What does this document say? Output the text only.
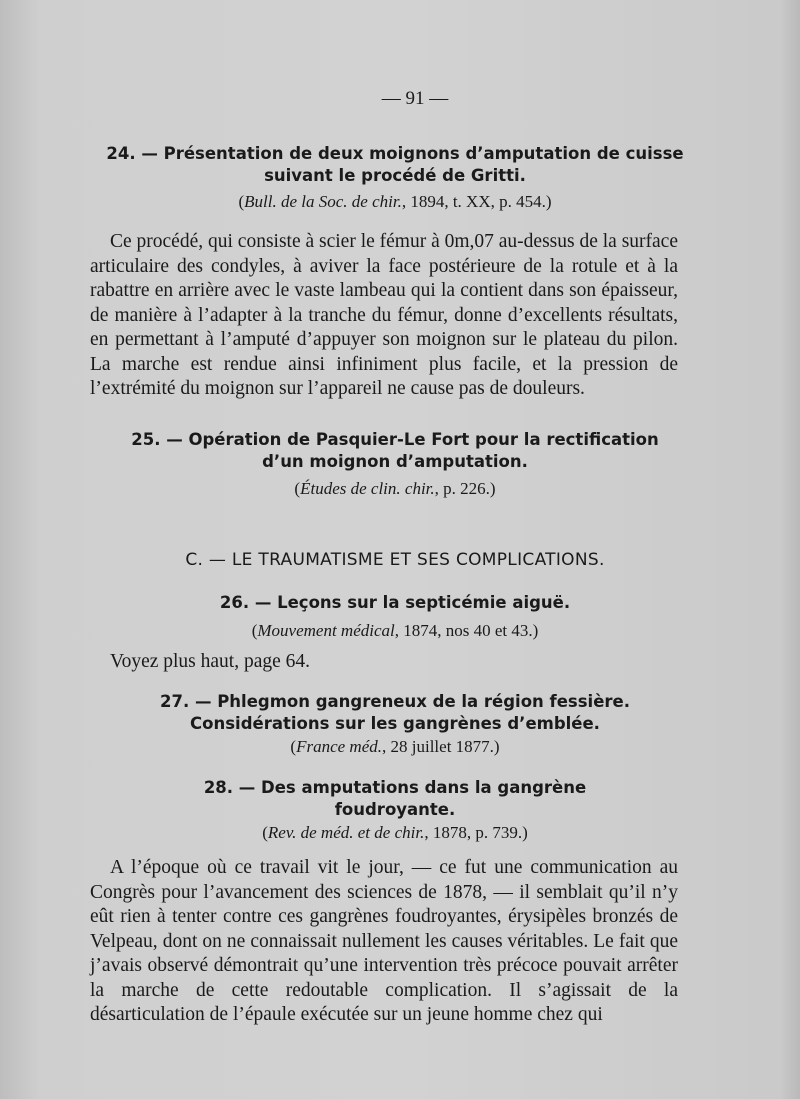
— 91 —
24. — Présentation de deux moignons d’amputation de cuisse
suivant le procédé de Gritti.
(Bull. de la Soc. de chir., 1894, t. XX, p. 454.)
Ce procédé, qui consiste à scier le fémur à 0m,07 au-dessus de la surface articulaire des condyles, à aviver la face postérieure de la rotule et à la rabattre en arrière avec le vaste lambeau qui la contient dans son épaisseur, de manière à l’adapter à la tranche du fémur, donne d’excellents résultats, en permettant à l’amputé d’appuyer son moignon sur le plateau du pilon. La marche est rendue ainsi infiniment plus facile, et la pression de l’extrémité du moignon sur l’appareil ne cause pas de douleurs.
25. — Opération de Pasquier-Le Fort pour la rectification
d’un moignon d’amputation.
(Études de clin. chir., p. 226.)
C. — LE TRAUMATISME ET SES COMPLICATIONS.
26. — Leçons sur la septicémie aiguë.
(Mouvement médical, 1874, nos 40 et 43.)
Voyez plus haut, page 64.
27. — Phlegmon gangreneux de la région fessière.
Considérations sur les gangrènes d’emblée.
(France méd., 28 juillet 1877.)
28. — Des amputations dans la gangrène
foudroyante.
(Rev. de méd. et de chir., 1878, p. 739.)
A l’époque où ce travail vit le jour, — ce fut une communication au Congrès pour l’avancement des sciences de 1878, — il semblait qu’il n’y eût rien à tenter contre ces gangrènes foudroyantes, érysipèles bronzés de Velpeau, dont on ne connaissait nullement les causes véritables. Le fait que j’avais observé démontrait qu’une intervention très précoce pouvait arrêter la marche de cette redoutable complication. Il s’agissait de la désarticulation de l’épaule exécutée sur un jeune homme chez qui
